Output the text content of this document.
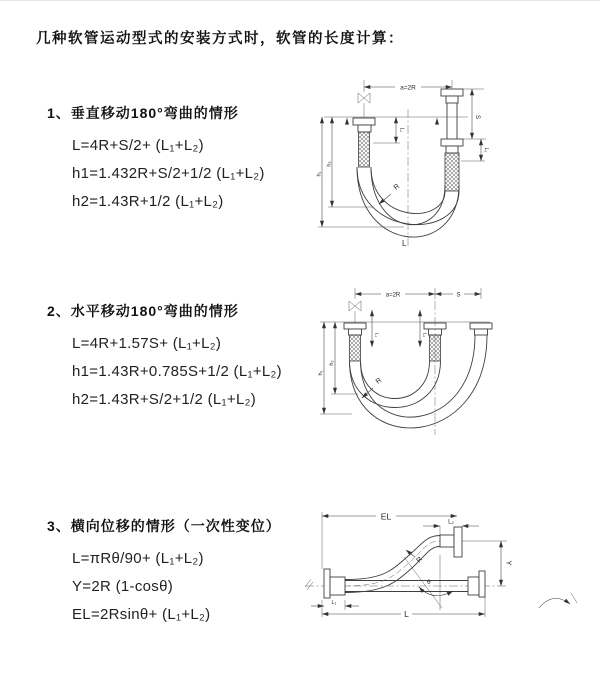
几种软管运动型式的安装方式时，软管的长度计算：
1、垂直移动180°弯曲的情形
L=4R+S/2+ (L₁+L₂)
h1=1.432R+S/2+1/2 (L₁+L₂)
h2=1.43R+1/2 (L₁+L₂)
2、水平移动180°弯曲的情形
L=4R+1.57S+ (L₁+L₂)
h1=1.43R+0.785S+1/2 (L₁+L₂)
h2=1.43R+S/2+1/2 (L₁+L₂)
3、横向位移的情形（一次性变位）
L=πRθ/90+ (L₁+L₂)
Y=2R (1-cosθ)
EL=2Rsinθ+ (L₁+L₂)
a=2R
S
L₂
L₁
h₁
h₂
R
L
a=2R	S
L₁	L₂
h₁
h₂
R
EL
L₂
θ
R	Y
L
L₁
